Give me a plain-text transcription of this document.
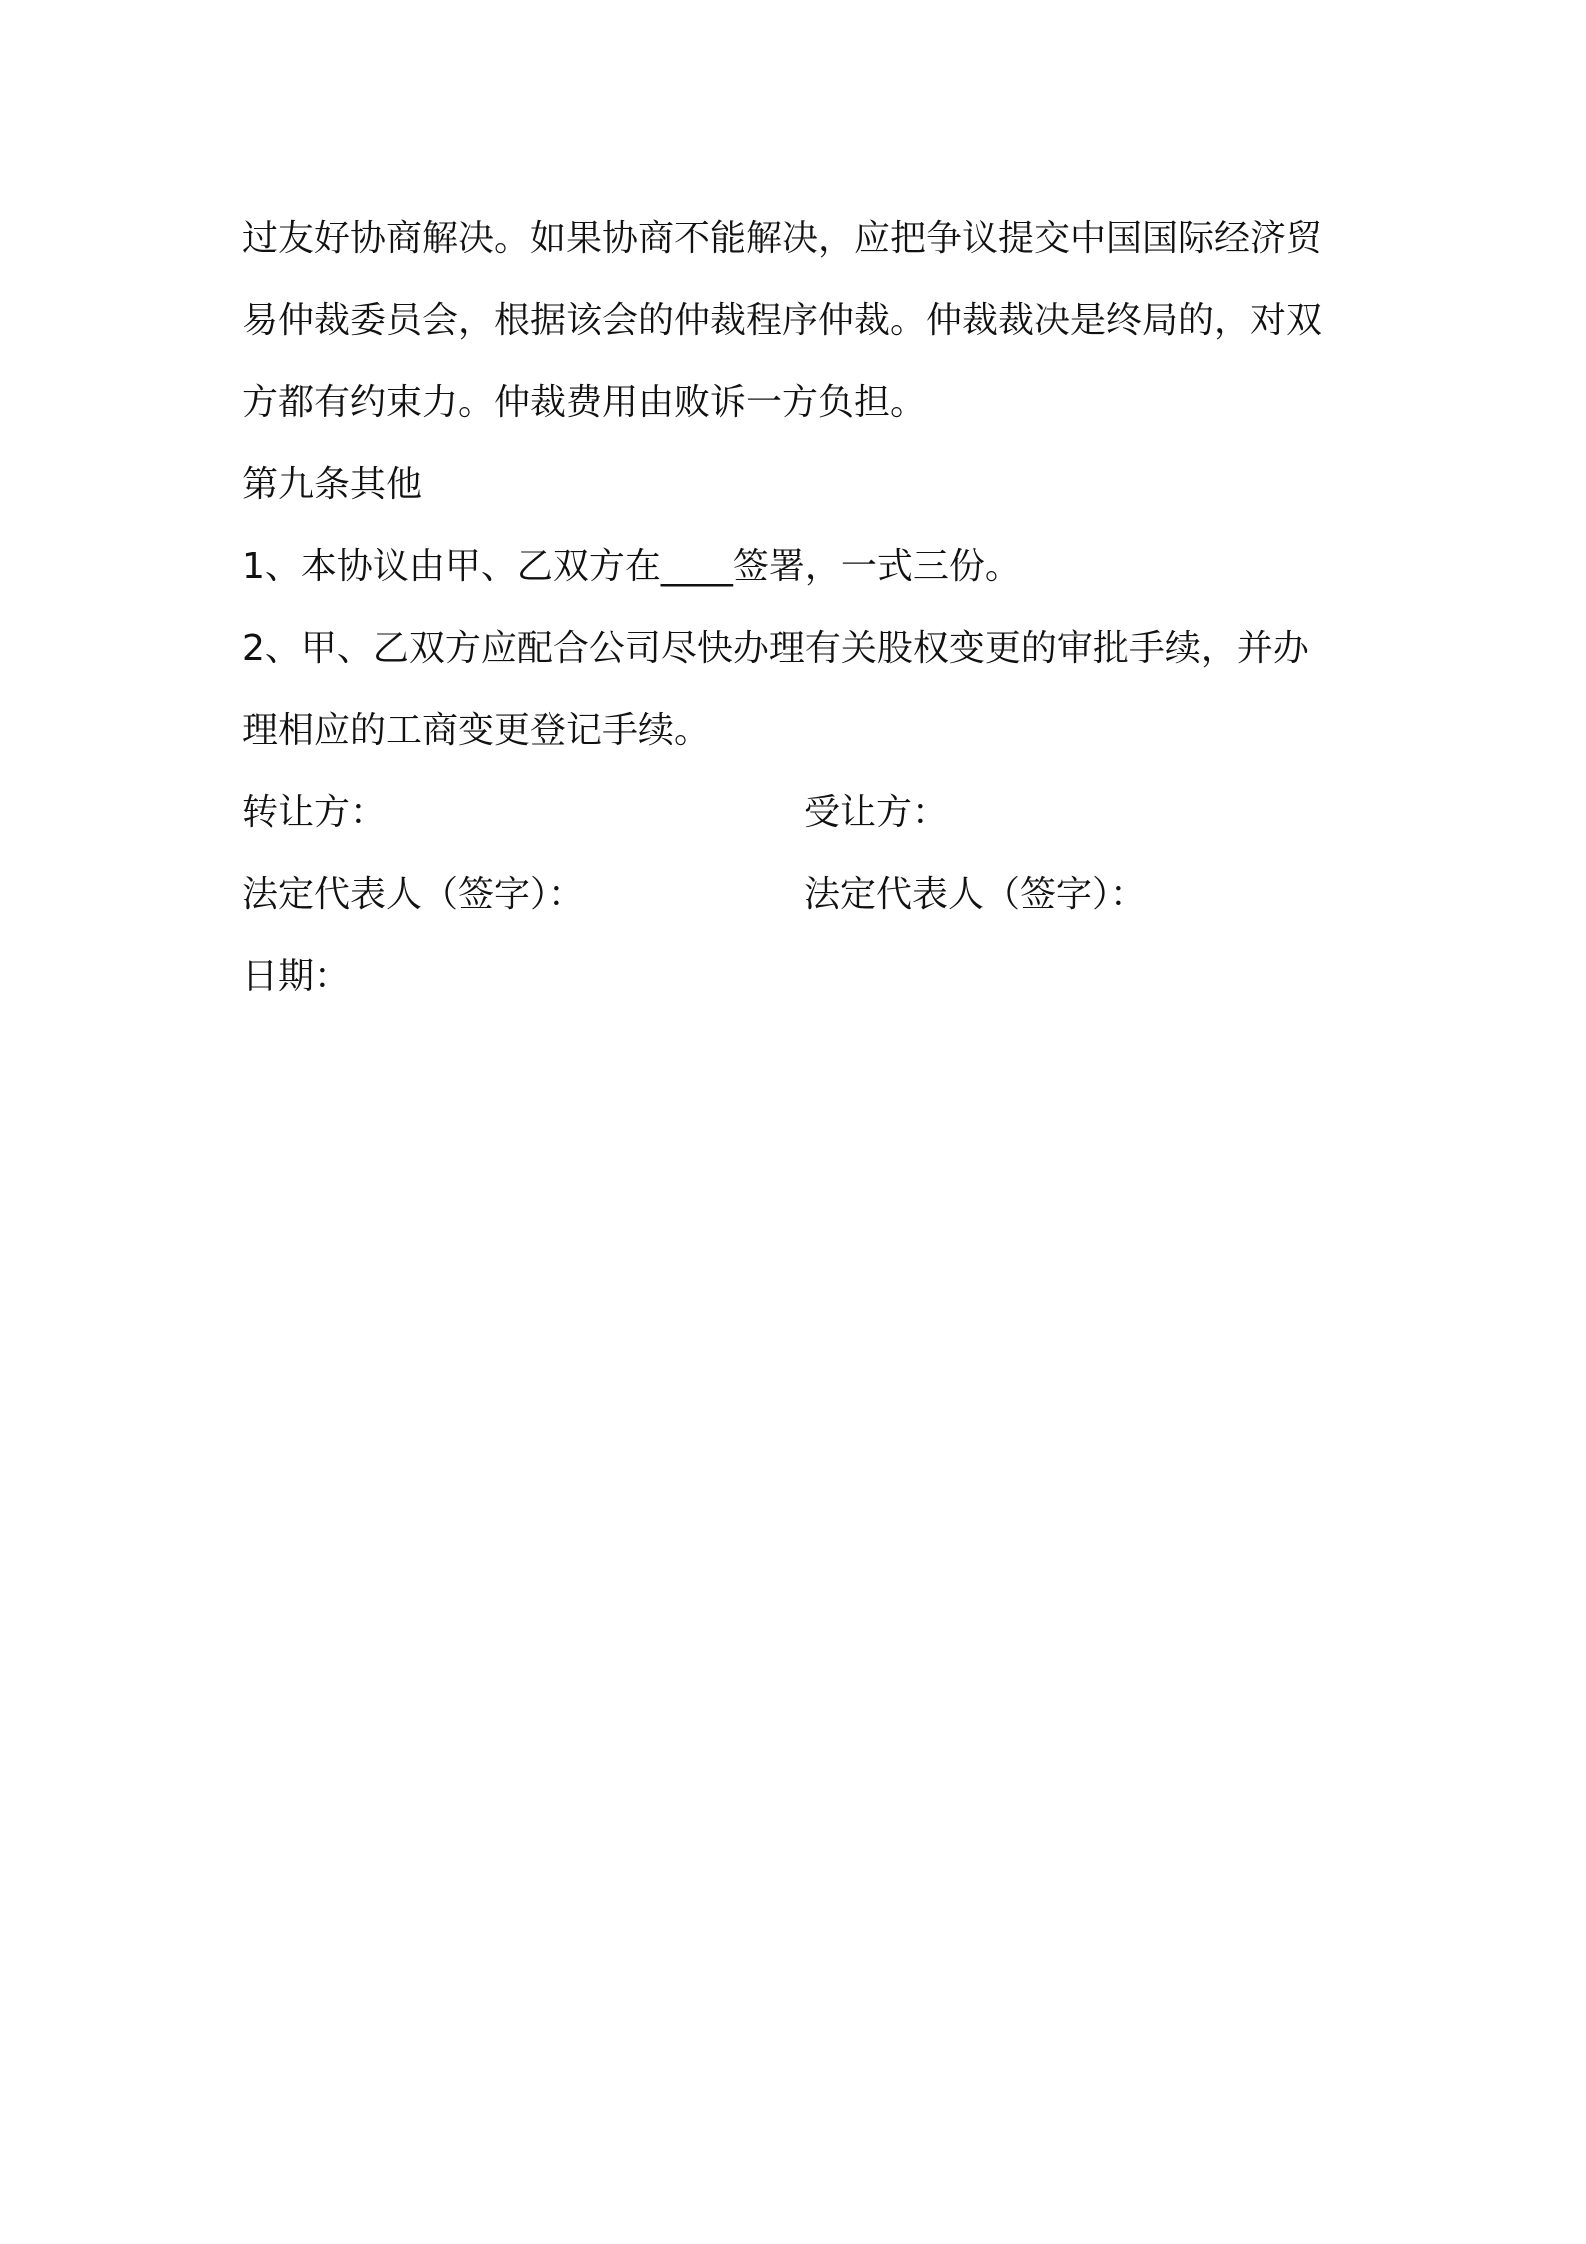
过友好协商解决。如果协商不能解决，应把争议提交中国国际经济贸
易仲裁委员会，根据该会的仲裁程序仲裁。仲裁裁决是终局的，对双
方都有约束力。仲裁费用由败诉一方负担。

第九条其他

1、本协议由甲、乙双方在____签署，一式三份。

2、甲、乙双方应配合公司尽快办理有关股权变更的审批手续，并办
理相应的工商变更登记手续。

转让方：	受让方：
法定代表人（签字）：	法定代表人（签字）：
日期：
